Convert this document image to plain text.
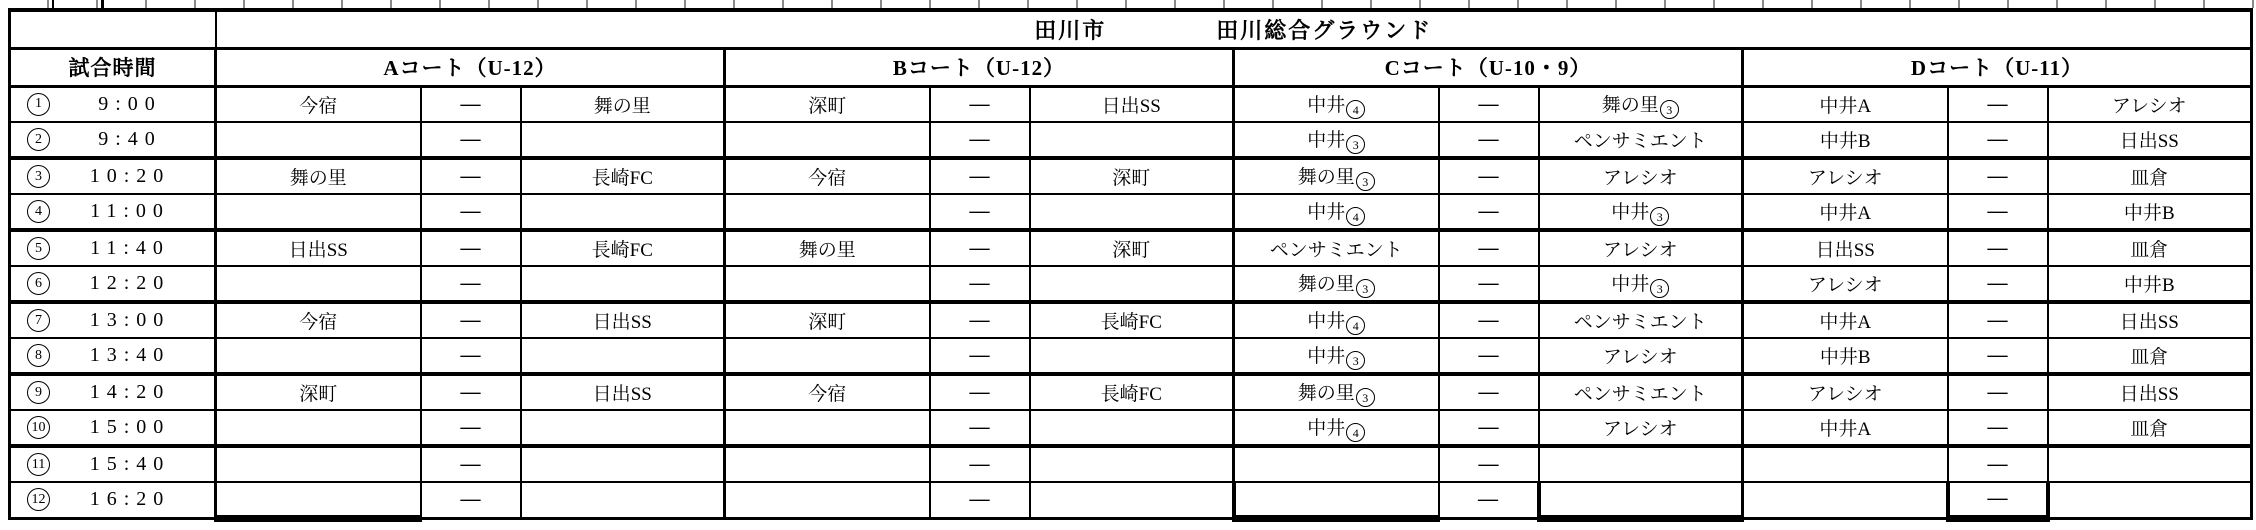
	田川市 田川総合グラウンド											

試合時間	Aコート（U-12）			Bコート（U-12）			Cコート（U-10・9）			Dコート（U-11）		

1 9:00	今宿	—	舞の里	深町	—	日出SS	中井 4	—	舞の里 3	中井A	—	アレシオ

2 9:40		—			—		中井 3	—	ペンサミエント	中井B	—	日出SS

3 10:20	舞の里	—	長崎FC	今宿	—	深町	舞の里 3	—	アレシオ	アレシオ	—	皿倉

4 11:00		—			—		中井 4	—	中井 3	中井A	—	中井B

5 11:40	日出SS	—	長崎FC	舞の里	—	深町	ペンサミエント	—	アレシオ	日出SS	—	皿倉

6 12:20		—			—		舞の里 3	—	中井 3	アレシオ	—	中井B

7 13:00	今宿	—	日出SS	深町	—	長崎FC	中井 4	—	ペンサミエント	中井A	—	日出SS

8 13:40		—			—		中井 3	—	アレシオ	中井B	—	皿倉

9 14:20	深町	—	日出SS	今宿	—	長崎FC	舞の里 3	—	ペンサミエント	アレシオ	—	日出SS

10 15:00		—			—		中井 4	—	アレシオ	中井A	—	皿倉

11 15:40		—			—			—			—	

12 16:20		—			—			—			—	
